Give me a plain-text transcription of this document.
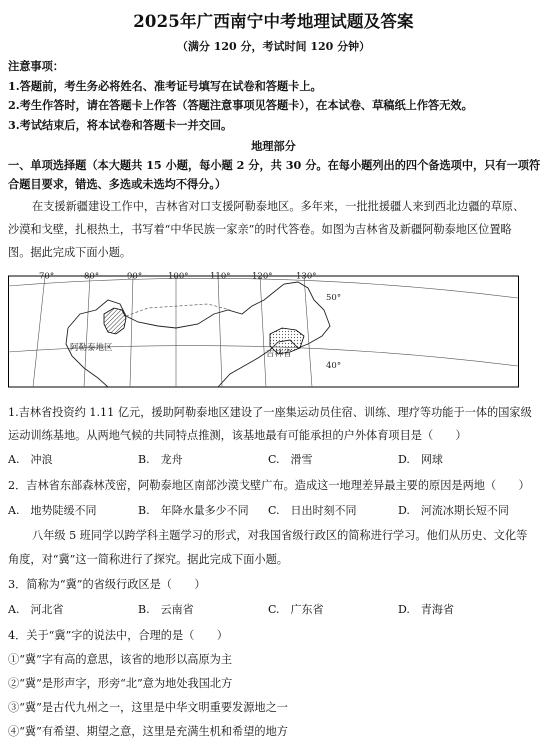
2025年广西南宁中考地理试题及答案
（满分 120 分，考试时间 120 分钟）
注意事项：
1.答题前，考生务必将姓名、准考证号填写在试卷和答题卡上。
2.考生作答时，请在答题卡上作答（答题注意事项见答题卡），在本试卷、草稿纸上作答无效。
3.考试结束后，将本试卷和答题卡一并交回。
地理部分
一、单项选择题（本大题共 15 小题，每小题 2 分，共 30 分。在每小题列出的四个备选项中，只有一项符
合题目要求，错选、多选或未选均不得分。）
在支援新疆建设工作中，吉林省对口支援阿勒泰地区。多年来，一批批援疆人来到西北边疆的草原、
沙漠和戈壁，扎根热土，书写着“中华民族一家亲”的时代答卷。如图为吉林省及新疆阿勒泰地区位置略
图。据此完成下面小题。
阿勒泰地区
吉林省
50°
40°
70°	80°	90°	100°	110°	120°	130°
1.吉林省投资约 1.11 亿元，援助阿勒泰地区建设了一座集运动员住宿、训练、理疗等功能于一体的国家级
运动训练基地。从两地气候的共同特点推测，该基地最有可能承担的户外体育项目是（　　）
A.　冲浪	B.　龙舟	C.　滑雪	D.　网球
2．吉林省东部森林茂密，阿勒泰地区南部沙漠戈壁广布。造成这一地理差异最主要的原因是两地（　　）
A.　地势陡缓不同	B.　年降水量多少不同 C.　日出时刻不同	D.　河流冰期长短不同
八年级 5 班同学以跨学科主题学习的形式，对我国省级行政区的简称进行学习。他们从历史、文化等
角度，对“冀”这一简称进行了探究。据此完成下面小题。
3．简称为“冀”的省级行政区是（　　）
A.　河北省	B.　云南省	C.　广东省	D.　青海省
4．关于“冀”字的说法中，合理的是（　　）
①“冀”字有高的意思，该省的地形以高原为主
②“冀”是形声字，形旁“北”意为地处我国北方
③“冀”是古代九州之一，这里是中华文明重要发源地之一
④“冀”有希望、期望之意，这里是充满生机和希望的地方
